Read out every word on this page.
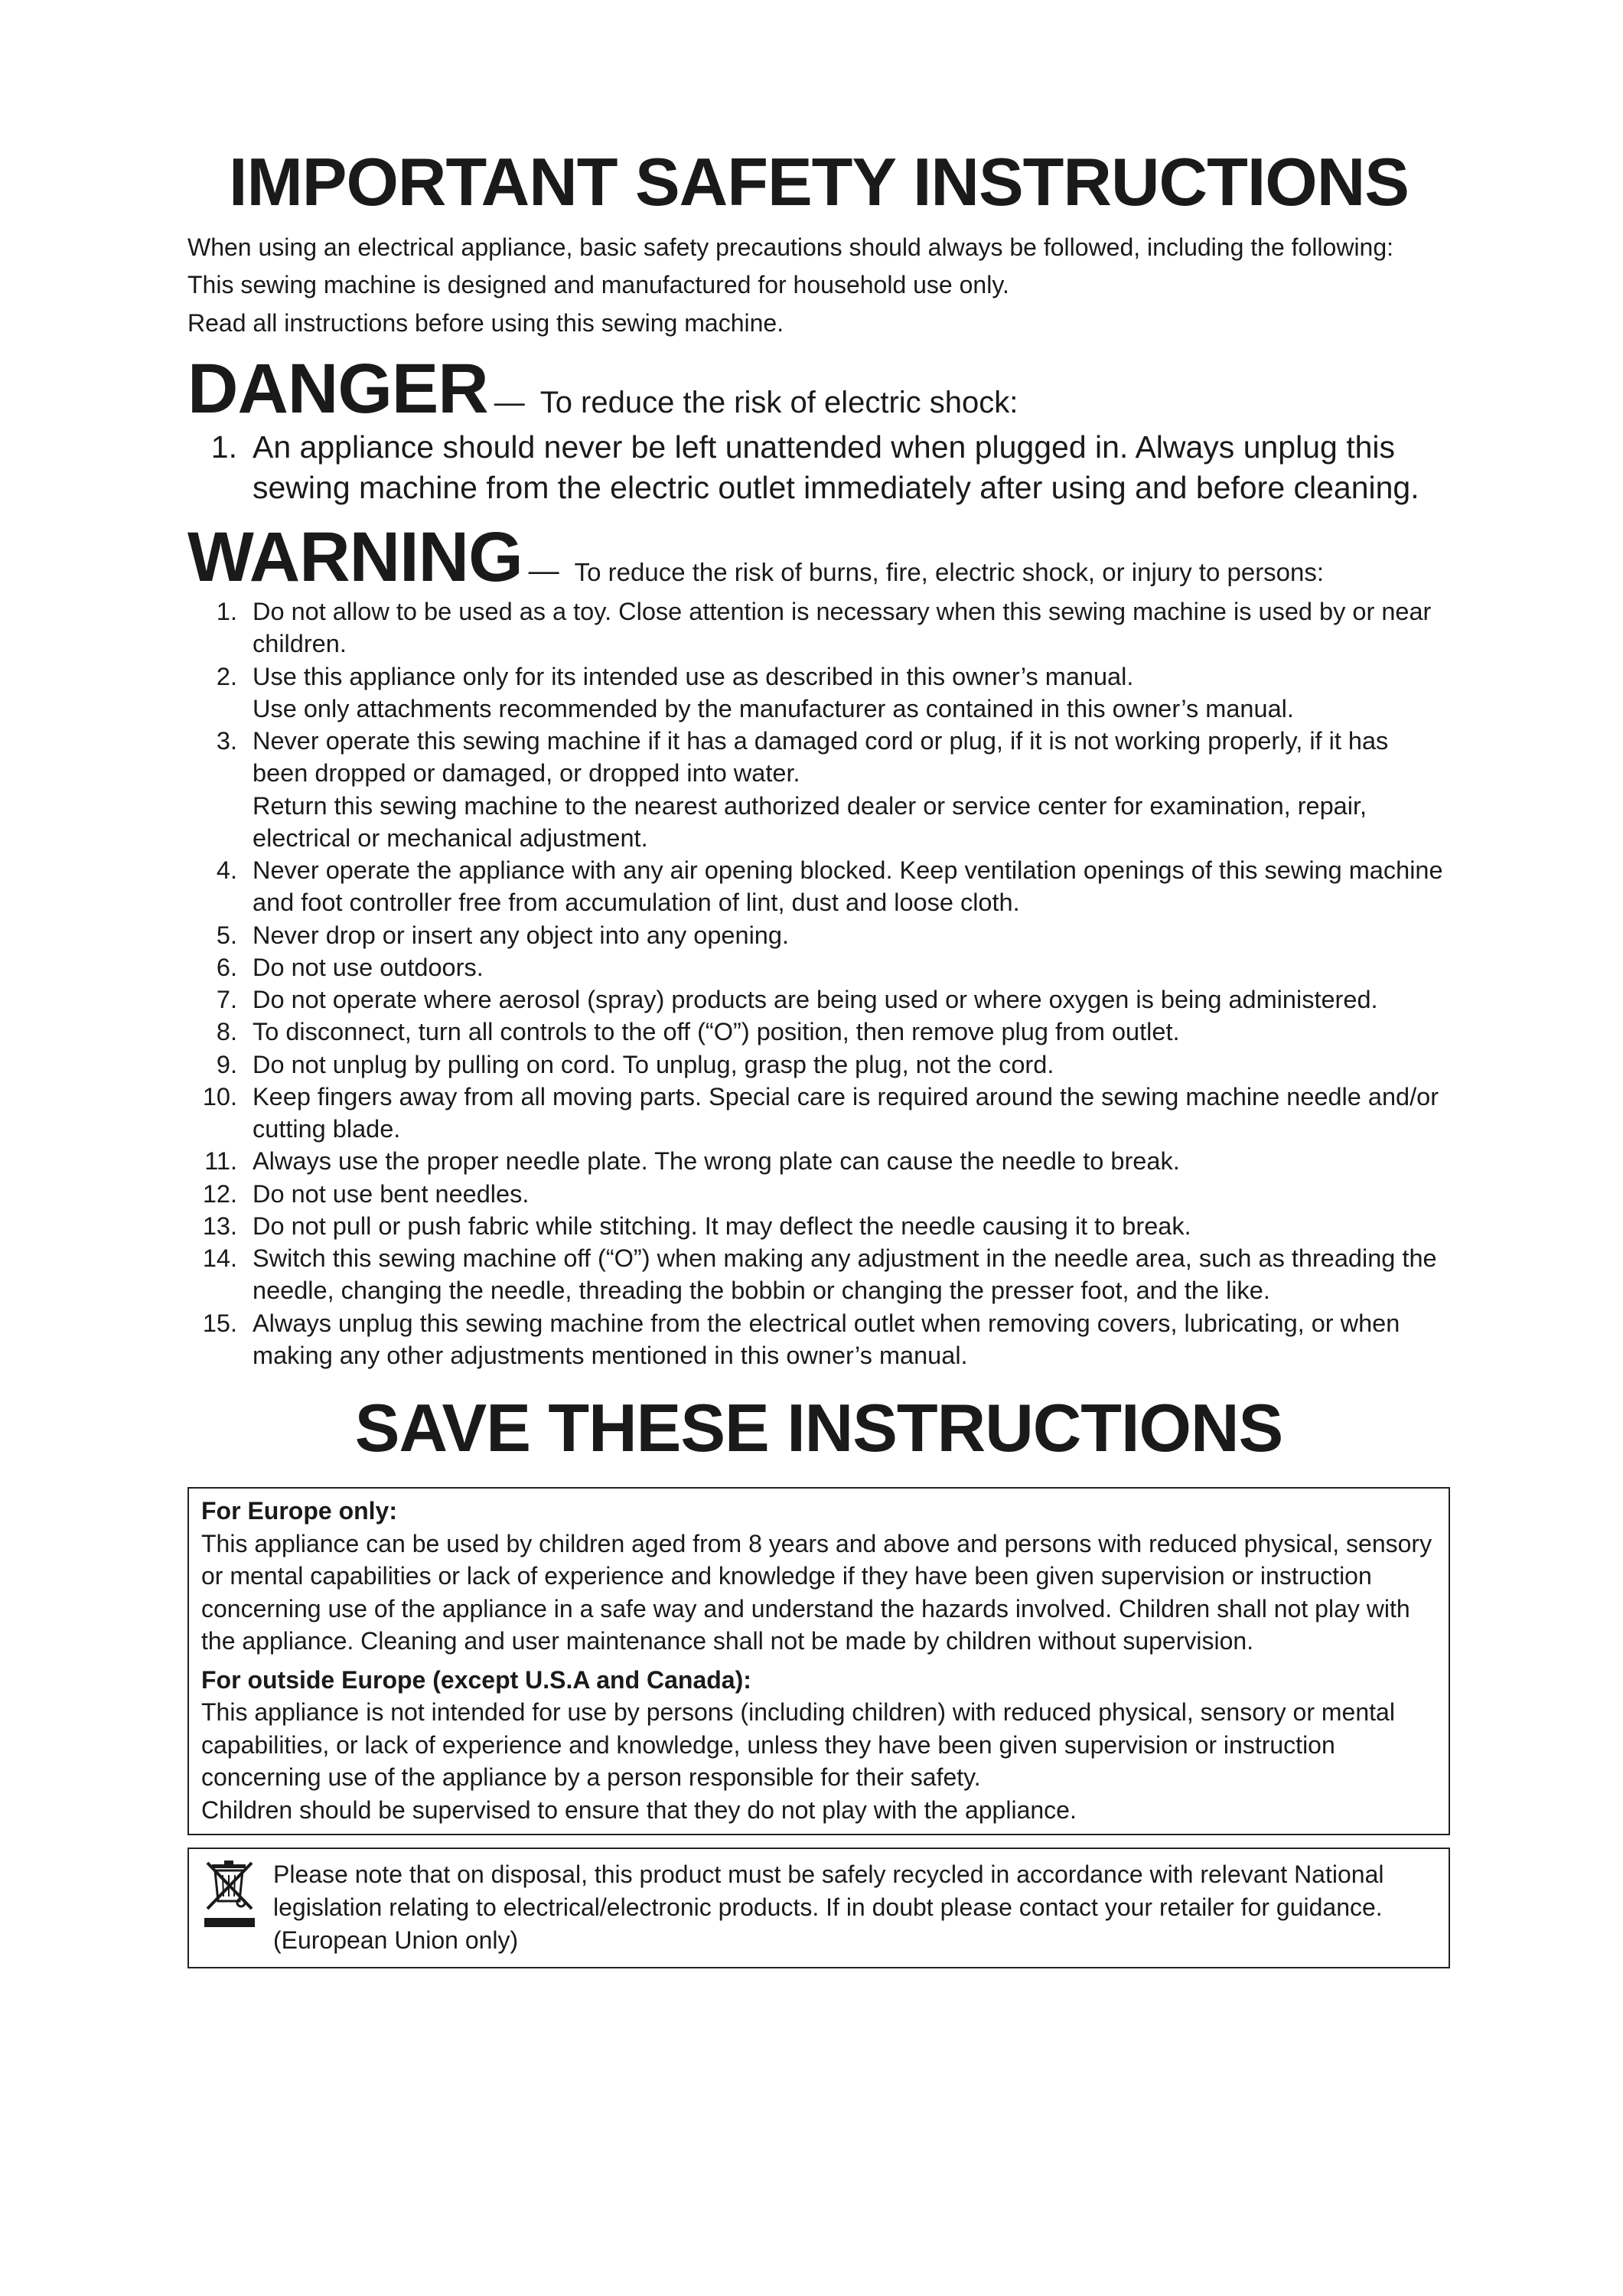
IMPORTANT SAFETY INSTRUCTIONS

When using an electrical appliance, basic safety precautions should always be followed, including the following:

This sewing machine is designed and manufactured for household use only.

Read all instructions before using this sewing machine.

DANGER — To reduce the risk of electric shock:
1. An appliance should never be left unattended when plugged in. Always unplug this sewing machine from the electric outlet immediately after using and before cleaning.
WARNING — To reduce the risk of burns, fire, electric shock, or injury to persons:
1. Do not allow to be used as a toy. Close attention is necessary when this sewing machine is used by or near children.
2. Use this appliance only for its intended use as described in this owner’s manual.
Use only attachments recommended by the manufacturer as contained in this owner’s manual.
3. Never operate this sewing machine if it has a damaged cord or plug, if it is not working properly, if it has been dropped or damaged, or dropped into water.
Return this sewing machine to the nearest authorized dealer or service center for examination, repair, electrical or mechanical adjustment.
4. Never operate the appliance with any air opening blocked. Keep ventilation openings of this sewing machine and foot controller free from accumulation of lint, dust and loose cloth.
5. Never drop or insert any object into any opening.
6. Do not use outdoors.
7. Do not operate where aerosol (spray) products are being used or where oxygen is being administered.
8. To disconnect, turn all controls to the off (“O”) position, then remove plug from outlet.
9. Do not unplug by pulling on cord. To unplug, grasp the plug, not the cord.
10. Keep fingers away from all moving parts. Special care is required around the sewing machine needle and/or cutting blade.
11. Always use the proper needle plate. The wrong plate can cause the needle to break.
12. Do not use bent needles.
13. Do not pull or push fabric while stitching. It may deflect the needle causing it to break.
14. Switch this sewing machine off (“O”) when making any adjustment in the needle area, such as threading the needle, changing the needle, threading the bobbin or changing the presser foot, and the like.
15. Always unplug this sewing machine from the electrical outlet when removing covers, lubricating, or when making any other adjustments mentioned in this owner’s manual.
SAVE THESE INSTRUCTIONS

For Europe only:

This appliance can be used by children aged from 8 years and above and persons with reduced physical, sensory or mental capabilities or lack of experience and knowledge if they have been given supervision or instruction concerning use of the appliance in a safe way and understand the hazards involved. Children shall not play with the appliance. Cleaning and user maintenance shall not be made by children without supervision.

For outside Europe (except U.S.A and Canada):

This appliance is not intended for use by persons (including children) with reduced physical, sensory or mental capabilities, or lack of experience and knowledge, unless they have been given supervision or instruction concerning use of the appliance by a person responsible for their safety.

Children should be supervised to ensure that they do not play with the appliance.

Please note that on disposal, this product must be safely recycled in accordance with relevant National legislation relating to electrical/electronic products. If in doubt please contact your retailer for guidance. (European Union only)
